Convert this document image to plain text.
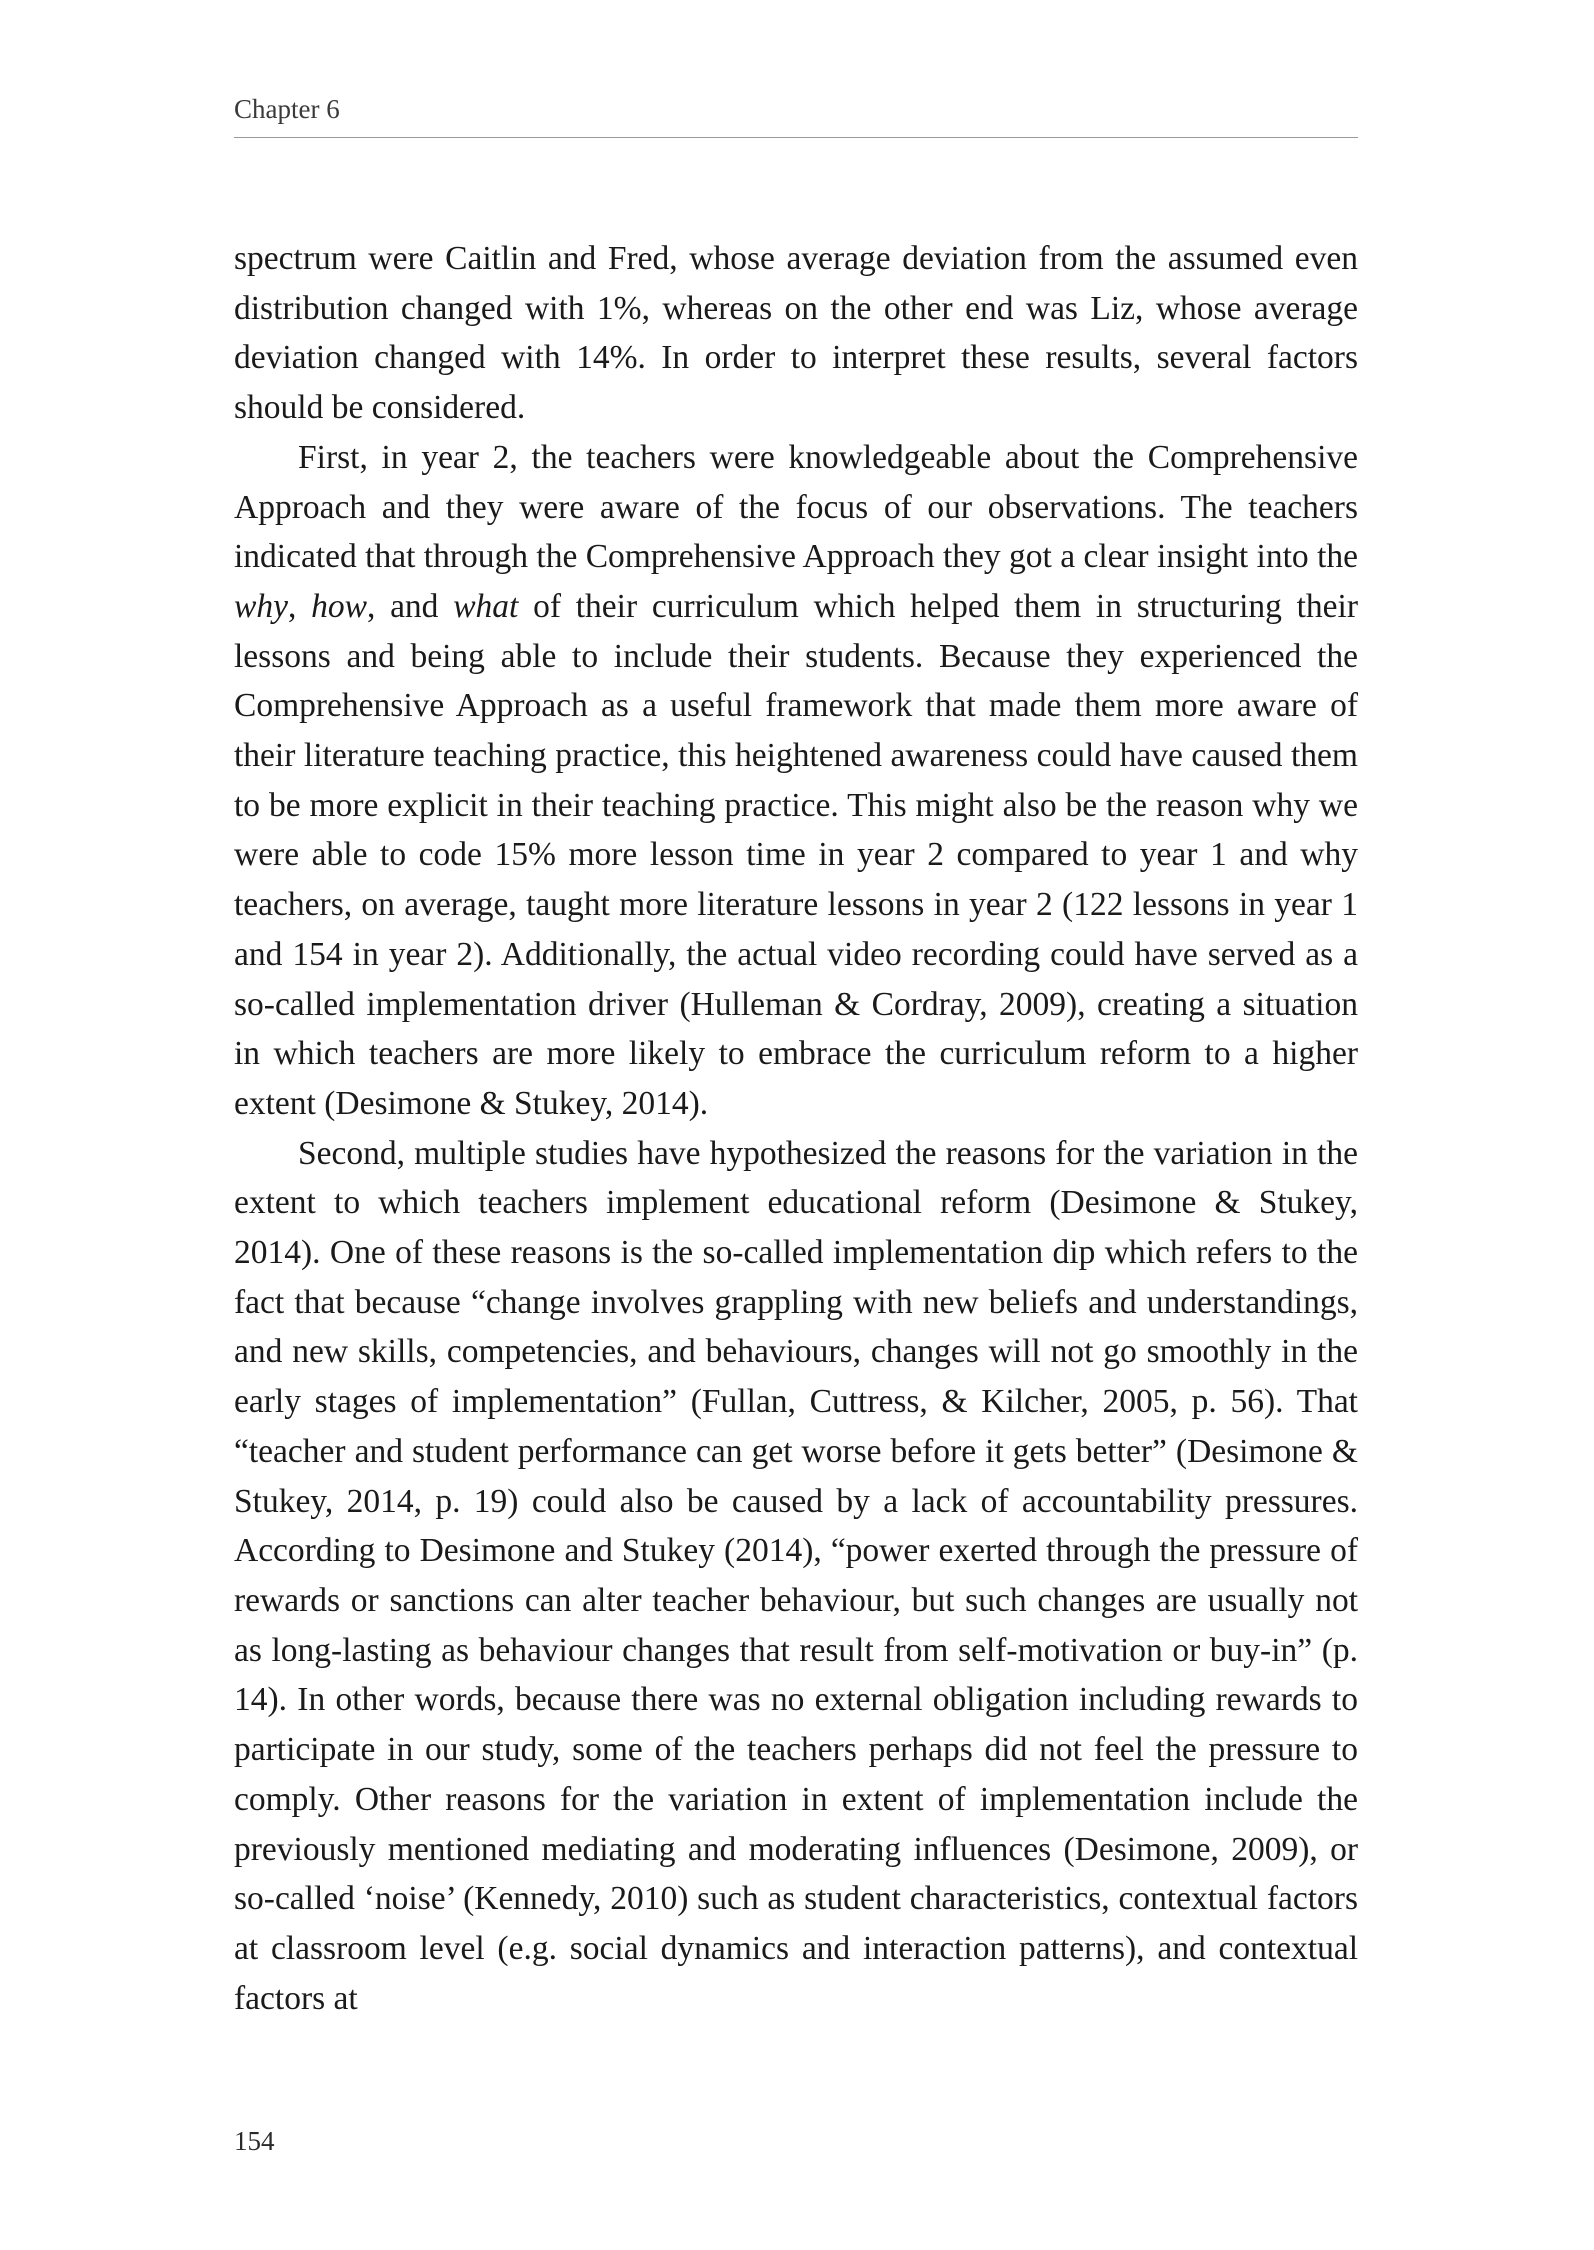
Chapter 6

spectrum were Caitlin and Fred, whose average deviation from the assumed even distribution changed with 1%, whereas on the other end was Liz, whose average deviation changed with 14%. In order to interpret these results, several factors should be considered.

First, in year 2, the teachers were knowledgeable about the Comprehensive Approach and they were aware of the focus of our observations. The teachers indicated that through the Comprehensive Approach they got a clear insight into the why, how, and what of their curriculum which helped them in structuring their lessons and being able to include their students. Because they experienced the Comprehensive Approach as a useful framework that made them more aware of their literature teaching practice, this heightened awareness could have caused them to be more explicit in their teaching practice. This might also be the reason why we were able to code 15% more lesson time in year 2 compared to year 1 and why teachers, on average, taught more literature lessons in year 2 (122 lessons in year 1 and 154 in year 2). Additionally, the actual video recording could have served as a so-called implementation driver (Hulleman & Cordray, 2009), creating a situation in which teachers are more likely to embrace the curriculum reform to a higher extent (Desimone & Stukey, 2014).

Second, multiple studies have hypothesized the reasons for the variation in the extent to which teachers implement educational reform (Desimone & Stukey, 2014). One of these reasons is the so-called implementation dip which refers to the fact that because “change involves grappling with new beliefs and understandings, and new skills, competencies, and behaviours, changes will not go smoothly in the early stages of implementation” (Fullan, Cuttress, & Kilcher, 2005, p. 56). That “teacher and student performance can get worse before it gets better” (Desimone & Stukey, 2014, p. 19) could also be caused by a lack of accountability pressures. According to Desimone and Stukey (2014), “power exerted through the pressure of rewards or sanctions can alter teacher behaviour, but such changes are usually not as long-lasting as behaviour changes that result from self-motivation or buy-in” (p. 14). In other words, because there was no external obligation including rewards to participate in our study, some of the teachers perhaps did not feel the pressure to comply. Other reasons for the variation in extent of implementation include the previously mentioned mediating and moderating influences (Desimone, 2009), or so-called ‘noise’ (Kennedy, 2010) such as student characteristics, contextual factors at classroom level (e.g. social dynamics and interaction patterns), and contextual factors at

154
